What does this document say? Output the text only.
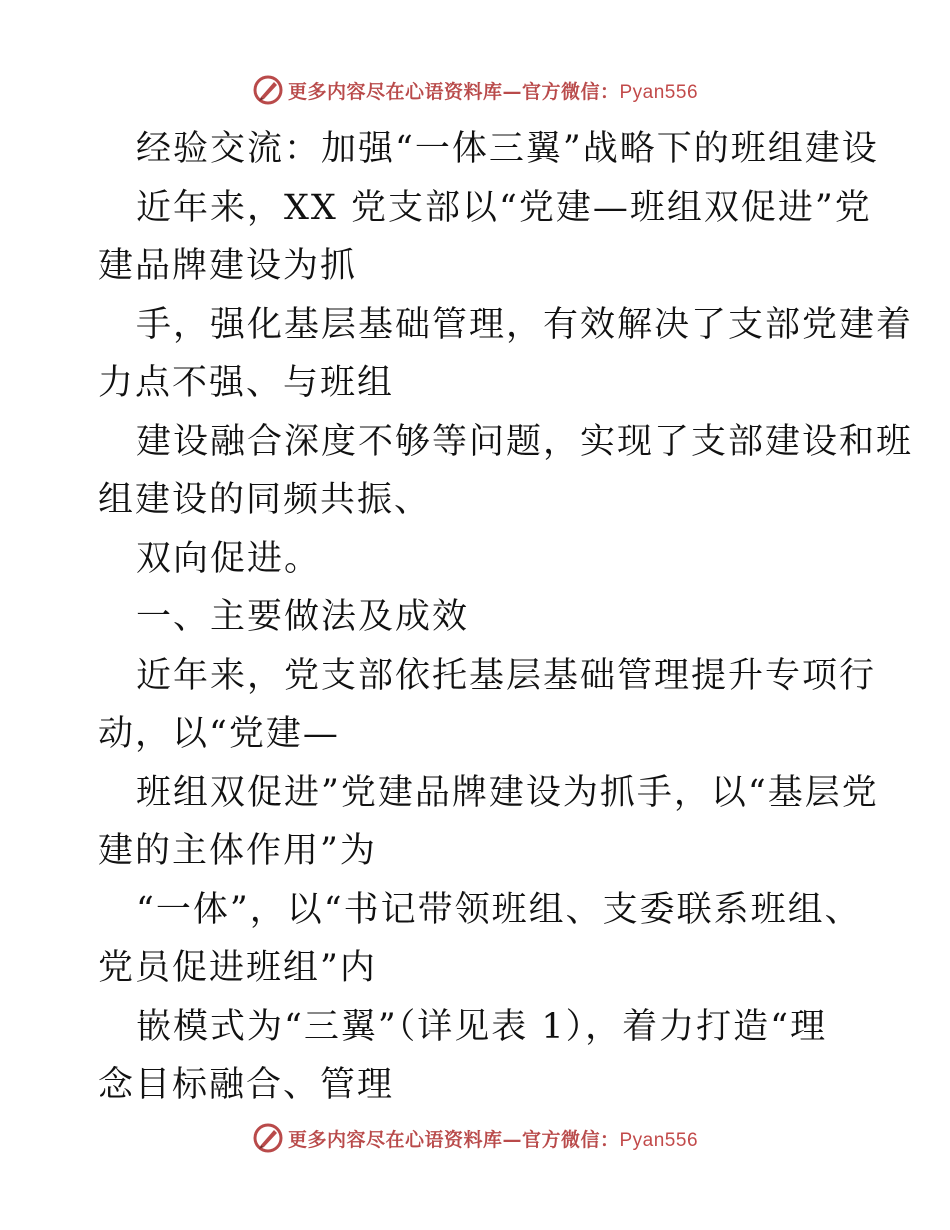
更多内容尽在心语资料库—官方微信：Pyan556
经验交流：加强“一体三翼”战略下的班组建设
近年来，XX 党支部以“党建—班组双促进”党
建品牌建设为抓
手，强化基层基础管理，有效解决了支部党建着
力点不强、与班组
建设融合深度不够等问题，实现了支部建设和班
组建设的同频共振、
双向促进。
一、主要做法及成效
近年来，党支部依托基层基础管理提升专项行
动，以“党建—
班组双促进”党建品牌建设为抓手，以“基层党
建的主体作用”为
“一体”，以“书记带领班组、支委联系班组、
党员促进班组”内
嵌模式为“三翼”（详见表 1），着力打造“理
念目标融合、管理
更多内容尽在心语资料库—官方微信：Pyan556
